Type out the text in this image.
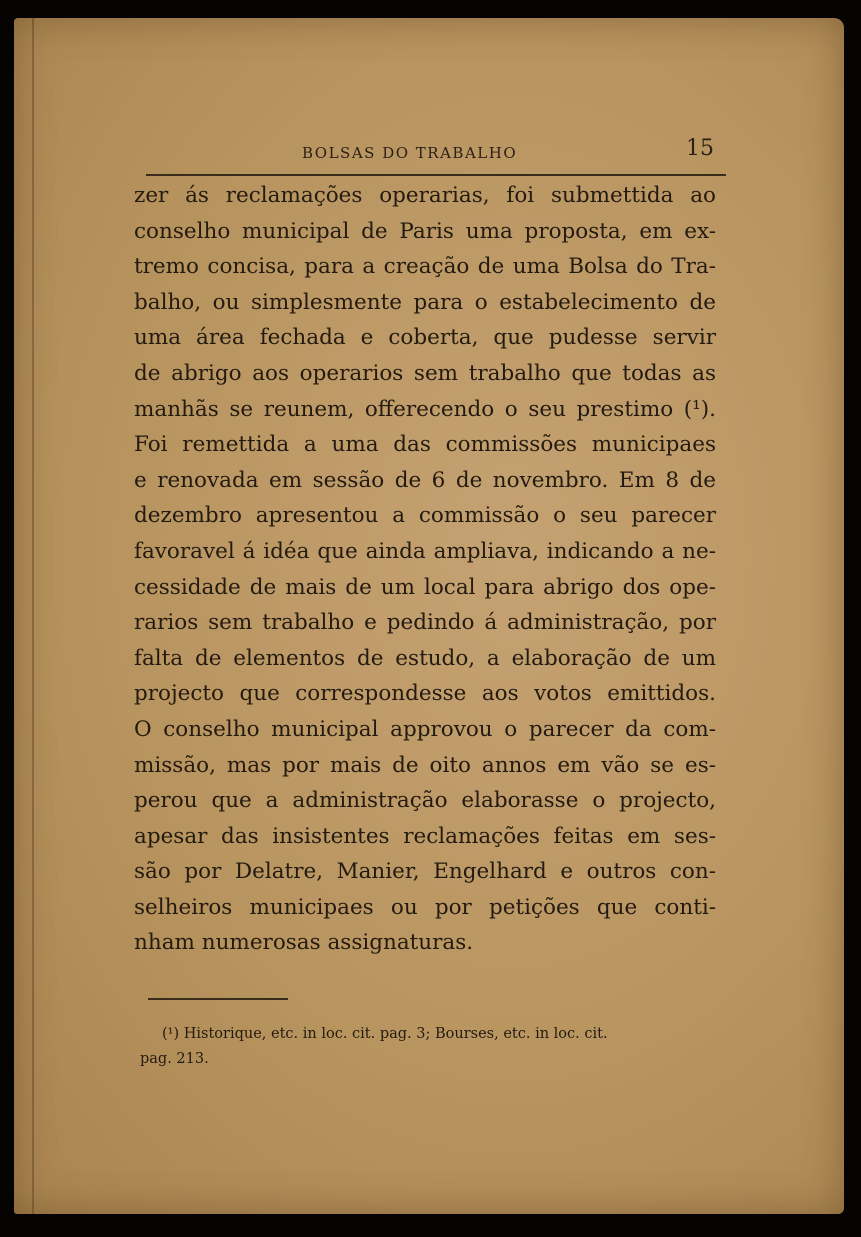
BOLSAS DO TRABALHO	15
zer ás reclamações operarias, foi submettida ao
conselho municipal de Paris uma proposta, em ex-
tremo concisa, para a creação de uma Bolsa do Tra-
balho, ou simplesmente para o estabelecimento de
uma área fechada e coberta, que pudesse servir
de abrigo aos operarios sem trabalho que todas as
manhãs se reunem, offerecendo o seu prestimo (¹).
Foi remettida a uma das commissões municipaes
e renovada em sessão de 6 de novembro. Em 8 de
dezembro apresentou a commissão o seu parecer
favoravel á idéa que ainda ampliava, indicando a ne-
cessidade de mais de um local para abrigo dos ope-
rarios sem trabalho e pedindo á administração, por
falta de elementos de estudo, a elaboração de um
projecto que correspondesse aos votos emittidos.
O conselho municipal approvou o parecer da com-
missão, mas por mais de oito annos em vão se es-
perou que a administração elaborasse o projecto,
apesar das insistentes reclamações feitas em ses-
são por Delatre, Manier, Engelhard e outros con-
selheiros municipaes ou por petições que conti-
nham numerosas assignaturas.
(¹) Historique, etc. in loc. cit. pag. 3; Bourses, etc. in loc. cit.
pag. 213.
